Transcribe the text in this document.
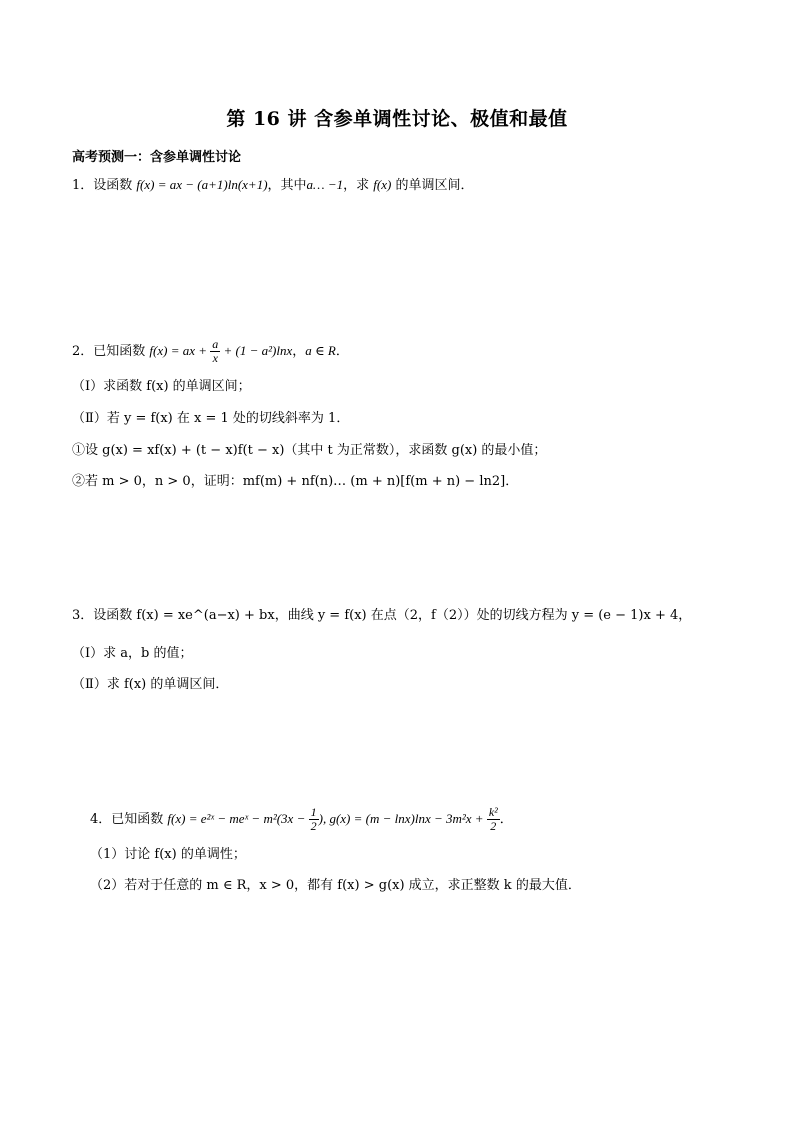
第 16 讲 含参单调性讨论、极值和最值
高考预测一：含参单调性讨论
1．设函数 f(x) = ax − (a+1)ln(x+1)，其中a… −1，求 f(x) 的单调区间．
2．已知函数 f(x) = ax + $\frac{a}{x} + (1 - a^2)\ln x$，a ∈ R．
（Ⅰ）求函数 f(x) 的单调区间；
（Ⅱ）若 y = f(x) 在 x = 1 处的切线斜率为 1．
①设 g(x) = xf(x) + (t − x)f(t − x)（其中 t 为正常数），求函数 g(x) 的最小值；
②若 m > 0，n > 0，证明：mf(m) + nf(n)… (m + n)[f(m + n) − ln2]．
3．设函数 f(x) = xe^(a−x) + bx，曲线 y = f(x) 在点（2，f（2））处的切线方程为 y = (e − 1)x + 4，
（Ⅰ）求 a，b 的值；
（Ⅱ）求 f(x) 的单调区间．
4．已知函数 f(x) = e²ˣ − meˣ − $m^2(3x - \frac{1}{2}$ ), $g(x) = (m - \ln x)\ln x - 3m^2x + \frac{\text{k²}}{2}$ ．
（1）讨论 f(x) 的单调性；
（2）若对于任意的 m ∈ R，x > 0，都有 f(x) > g(x) 成立，求正整数 k 的最大值．
